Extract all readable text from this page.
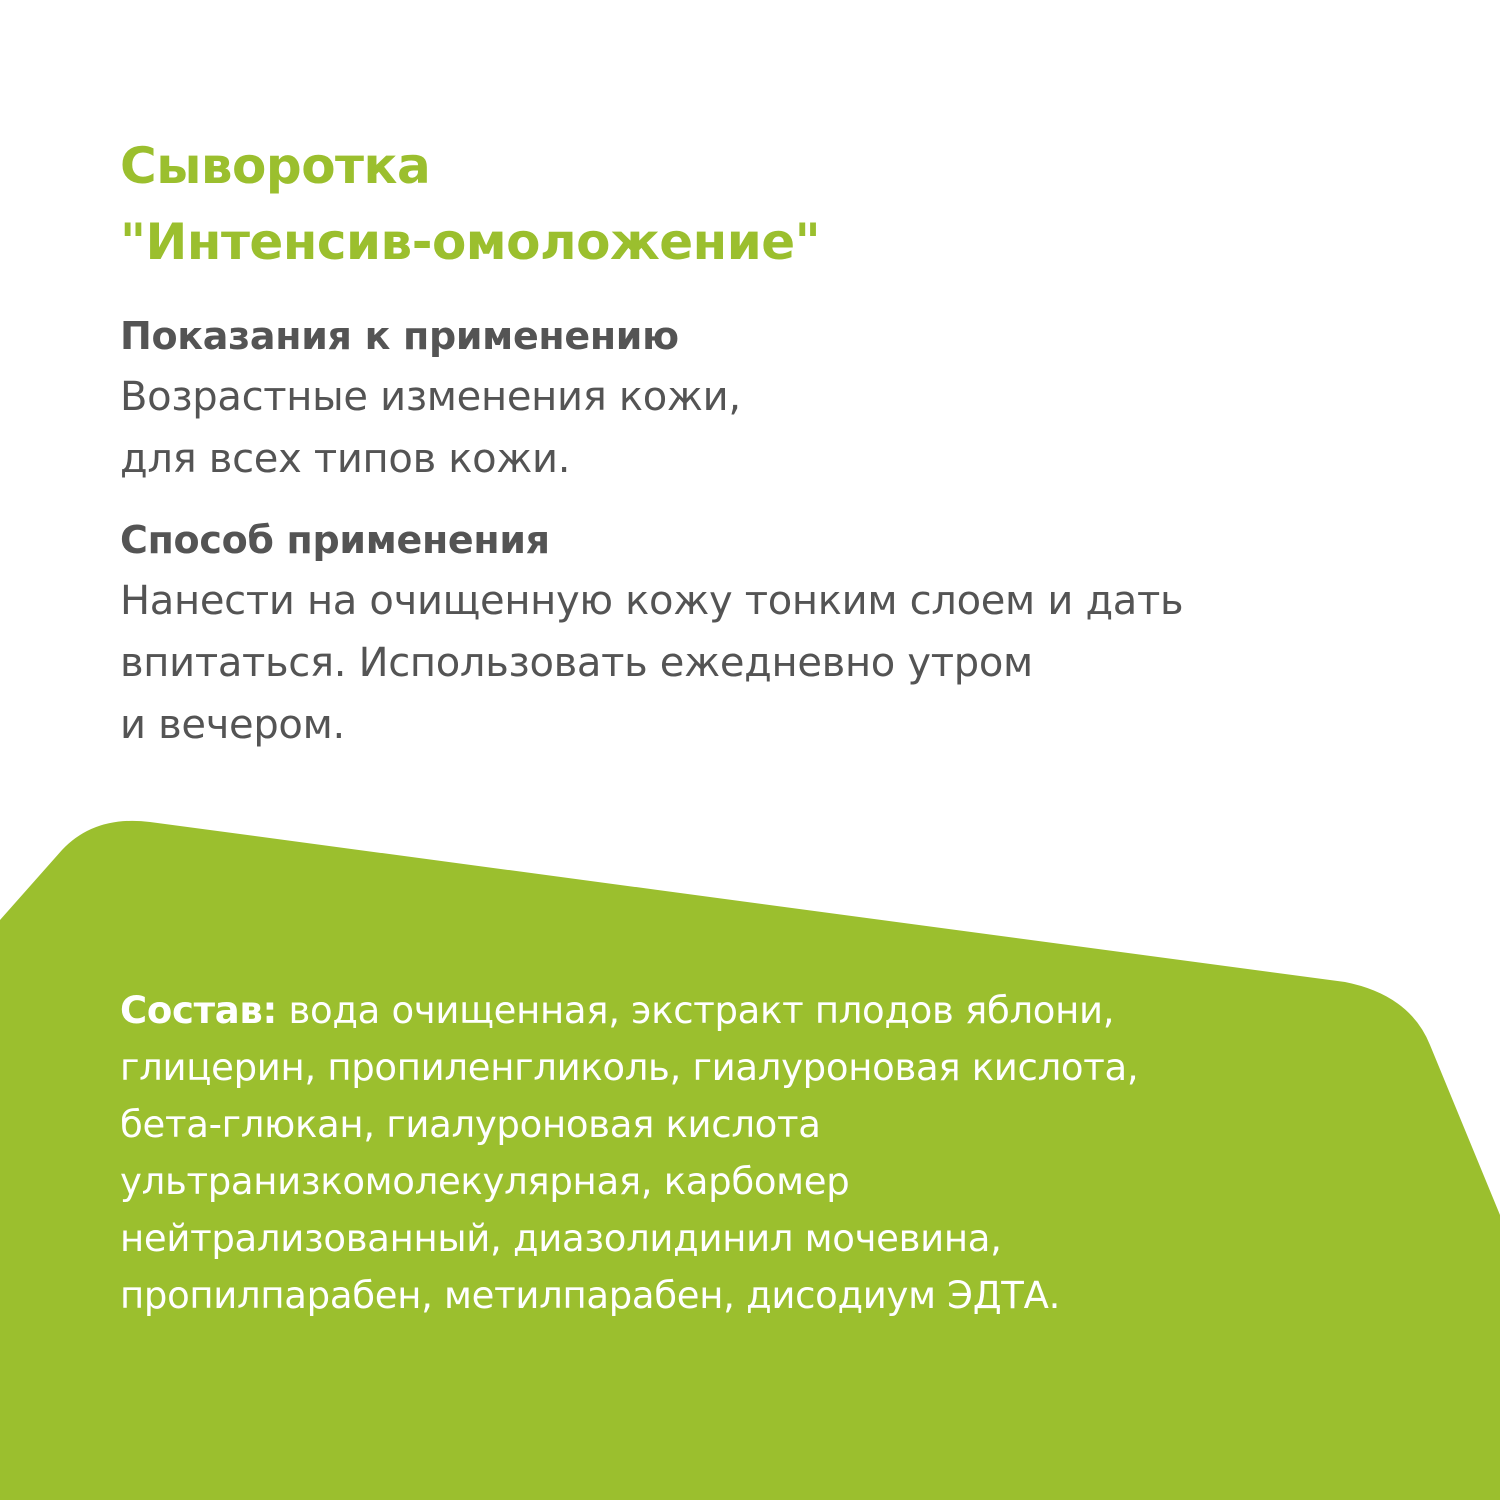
Сыворотка
"Интенсив-омоложение"
Показания к применению

Возрастные изменения кожи,
для всех типов кожи.

Способ применения

Нанести на очищенную кожу тонким слоем и дать
впитаться. Использовать ежедневно утром
и вечером.

Состав: вода очищенная, экстракт плодов яблони,
глицерин, пропиленгликоль, гиалуроновая кислота,
бета-глюкан, гиалуроновая кислота
ультранизкомолекулярная, карбомер
нейтрализованный, диазолидинил мочевина,
пропилпарабен, метилпарабен, дисодиум ЭДТА.
